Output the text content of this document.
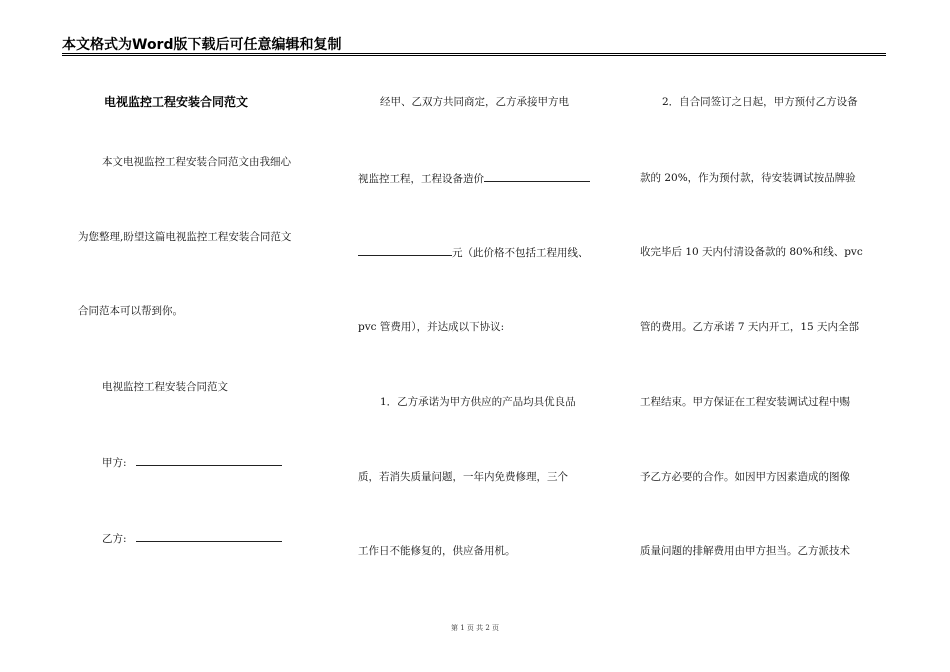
本文格式为Word版下载后可任意编辑和复制
电视监控工程安装合同范文
本文电视监控工程安装合同范文由我细心
为您整理,盼望这篇电视监控工程安装合同范文
合同范本可以帮到你。
电视监控工程安装合同范文
甲方:
乙方:
经甲、乙双方共同商定，乙方承接甲方电
视监控工程，工程设备造价
元（此价格不包括工程用线、
pvc 管费用），并达成以下协议:
1．乙方承诺为甲方供应的产品均具优良品
质，若消失质量问题，一年内免费修理，三个
工作日不能修复的，供应备用机。
2．自合同签订之日起，甲方预付乙方设备
款的 20%，作为预付款，待安装调试按品牌验
收完毕后 10 天内付清设备款的 80%和线、pvc
管的费用。乙方承诺 7 天内开工，15 天内全部
工程结束。甲方保证在工程安装调试过程中赐
予乙方必要的合作。如因甲方因素造成的图像
质量问题的排解费用由甲方担当。乙方派技术
第 1 页 共 2 页
